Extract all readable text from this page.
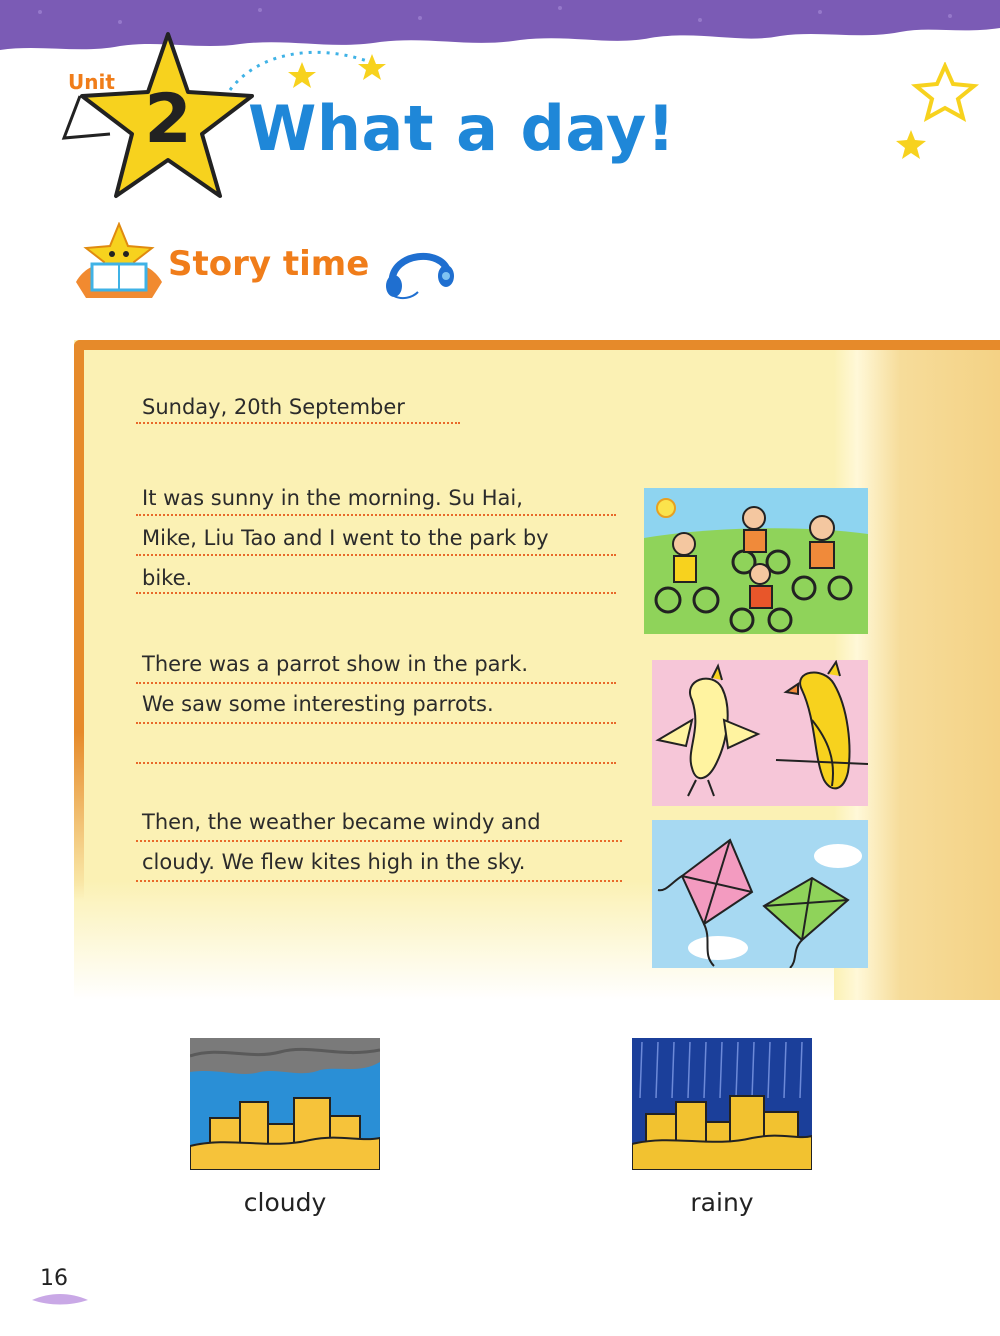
Unit 2 What a day!
Story time
Sunday, 20th September
It was sunny in the morning. Su Hai,
Mike, Liu Tao and I went to the park by
bike.
There was a parrot show in the park.
We saw some interesting parrots.
Then, the weather became windy and
cloudy. We flew kites high in the sky.
cloudy	rainy
16
